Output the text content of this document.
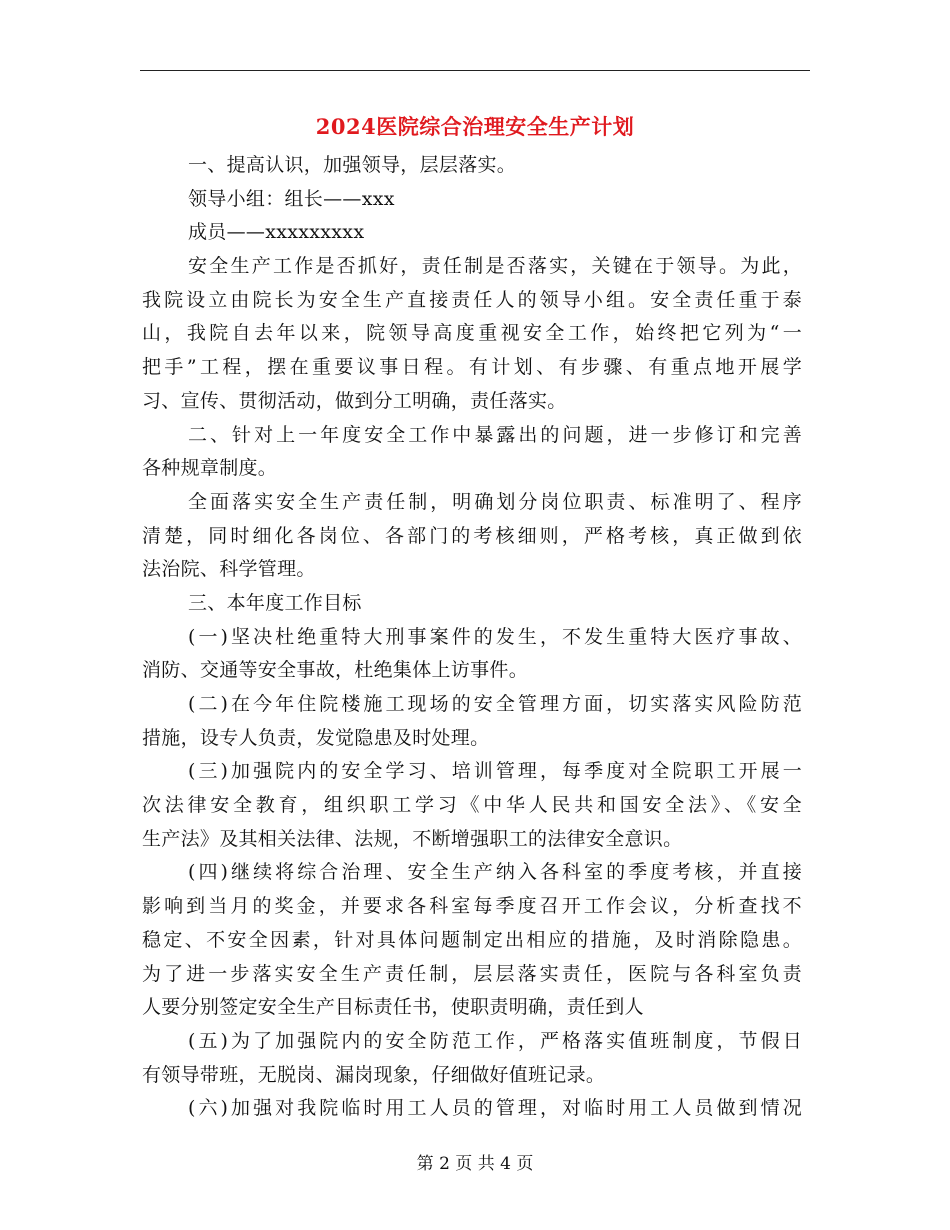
2024医院综合治理安全生产计划
一、提高认识，加强领导，层层落实。
领导小组：组长——xxx
成员——xxxxxxxxx
安全生产工作是否抓好，责任制是否落实，关键在于领导。为此，
我院设立由院长为安全生产直接责任人的领导小组。安全责任重于泰
山，我院自去年以来，院领导高度重视安全工作，始终把它列为“一
把手”工程，摆在重要议事日程。有计划、有步骤、有重点地开展学
习、宣传、贯彻活动，做到分工明确，责任落实。
二、针对上一年度安全工作中暴露出的问题，进一步修订和完善
各种规章制度。
全面落实安全生产责任制，明确划分岗位职责、标准明了、程序
清楚，同时细化各岗位、各部门的考核细则，严格考核，真正做到依
法治院、科学管理。
三、本年度工作目标
(一)坚决杜绝重特大刑事案件的发生，不发生重特大医疗事故、
消防、交通等安全事故，杜绝集体上访事件。
(二)在今年住院楼施工现场的安全管理方面，切实落实风险防范
措施，设专人负责，发觉隐患及时处理。
(三)加强院内的安全学习、培训管理，每季度对全院职工开展一
次法律安全教育，组织职工学习《中华人民共和国安全法》、《安全
生产法》及其相关法律、法规，不断增强职工的法律安全意识。
(四)继续将综合治理、安全生产纳入各科室的季度考核，并直接
影响到当月的奖金，并要求各科室每季度召开工作会议，分析查找不
稳定、不安全因素，针对具体问题制定出相应的措施，及时消除隐患。
为了进一步落实安全生产责任制，层层落实责任，医院与各科室负责
人要分别签定安全生产目标责任书，使职责明确，责任到人
(五)为了加强院内的安全防范工作，严格落实值班制度，节假日
有领导带班，无脱岗、漏岗现象，仔细做好值班记录。
(六)加强对我院临时用工人员的管理，对临时用工人员做到情况
第 2 页 共 4 页
